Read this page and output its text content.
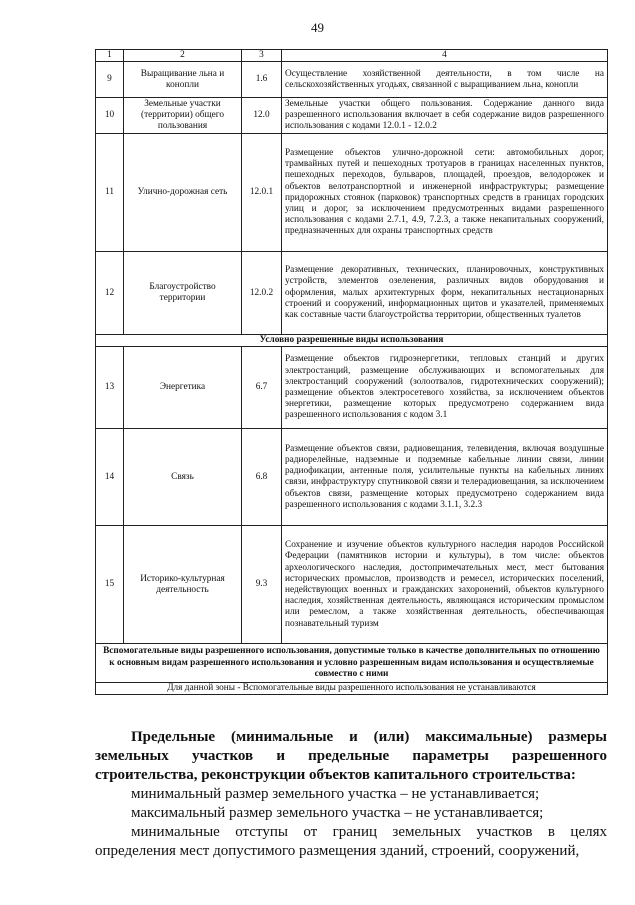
49
1	2	3	4
9	Выращивание льна и конопли	1.6	Осуществление хозяйственной деятельности, в том числе на сельскохозяйственных угодьях, связанной с выращиванием льна, конопли
10	Земельные участки (территории) общего пользования	12.0	Земельные участки общего пользования. Содержание данного вида разрешенного использования включает в себя содержание видов разрешенного использования с кодами 12.0.1 - 12.0.2
11	Улично-дорожная сеть	12.0.1	Размещение объектов улично-дорожной сети: автомобильных дорог, трамвайных путей и пешеходных тротуаров в границах населенных пунктов, пешеходных переходов, бульваров, площадей, проездов, велодорожек и объектов велотранспортной и инженерной инфраструктуры; размещение придорожных стоянок (парковок) транспортных средств в границах городских улиц и дорог, за исключением предусмотренных видами разрешенного использования с кодами 2.7.1, 4.9, 7.2.3, а также некапитальных сооружений, предназначенных для охраны транспортных средств
12	Благоустройство территории	12.0.2	Размещение декоративных, технических, планировочных, конструктивных устройств, элементов озеленения, различных видов оборудования и оформления, малых архитектурных форм, некапитальных нестационарных строений и сооружений, информационных щитов и указателей, применяемых как составные части благоустройства территории, общественных туалетов
Условно разрешенные виды использования			
13	Энергетика	6.7	Размещение объектов гидроэнергетики, тепловых станций и других электростанций, размещение обслуживающих и вспомогательных для электростанций сооружений (золоотвалов, гидротехнических сооружений); размещение объектов электросетевого хозяйства, за исключением объектов энергетики, размещение которых предусмотрено содержанием вида разрешенного использования с кодом 3.1
14	Связь	6.8	Размещение объектов связи, радиовещания, телевидения, включая воздушные радиорелейные, надземные и подземные кабельные линии связи, линии радиофикации, антенные поля, усилительные пункты на кабельных линиях связи, инфраструктуру спутниковой связи и телерадиовещания, за исключением объектов связи, размещение которых предусмотрено содержанием вида разрешенного использования с кодами 3.1.1, 3.2.3
15	Историко-культурная деятельность	9.3	Сохранение и изучение объектов культурного наследия народов Российской Федерации (памятников истории и культуры), в том числе: объектов археологического наследия, достопримечательных мест, мест бытования исторических промыслов, производств и ремесел, исторических поселений, недействующих военных и гражданских захоронений, объектов культурного наследия, хозяйственная деятельность, являющаяся историческим промыслом или ремеслом, а также хозяйственная деятельность, обеспечивающая познавательный туризм
Вспомогательные виды разрешенного использования, допустимые только в качестве дополнительных по отношению к основным видам разрешенного использования и условно разрешенным видам использования и осуществляемые совместно с ними			
Для данной зоны - Вспомогательные виды разрешенного использования не устанавливаются			

Предельные (минимальные и (или) максимальные) размеры земельных участков и предельные параметры разрешенного строительства, реконструкции объектов капитального строительства:

минимальный размер земельного участка – не устанавливается;

максимальный размер земельного участка – не устанавливается;

минимальные отступы от границ земельных участков в целях определения мест допустимого размещения зданий, строений, сооружений,
